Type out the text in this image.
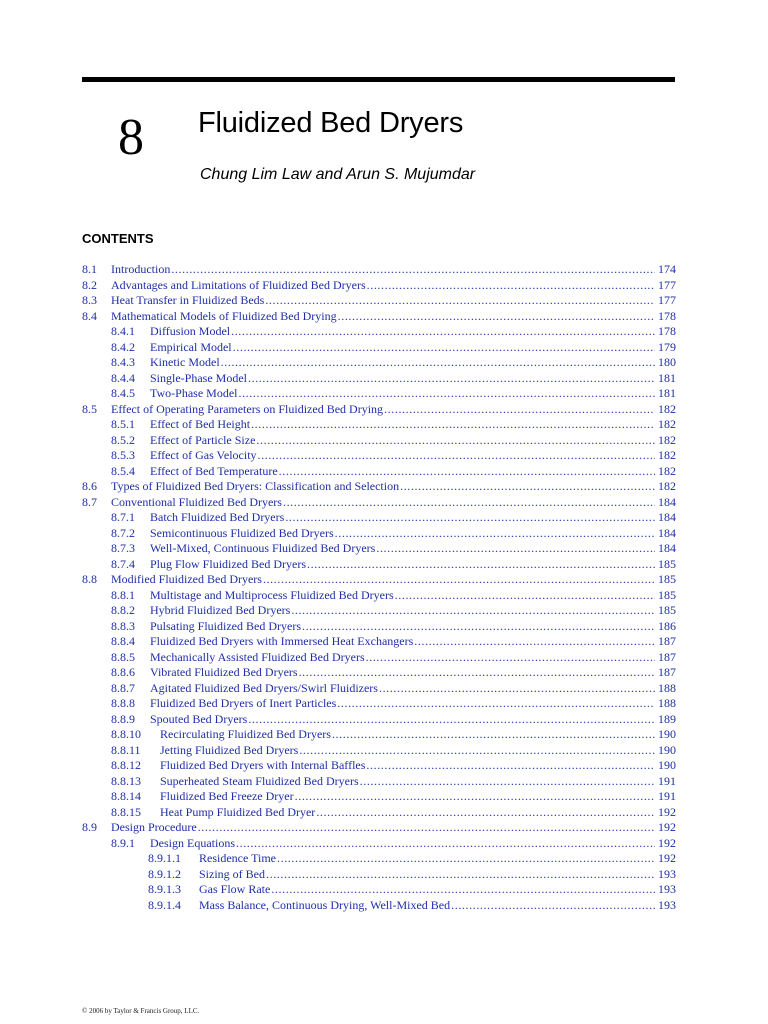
8 Fluidized Bed Dryers
Chung Lim Law and Arun S. Mujumdar
CONTENTS
8.1	Introduction .....	174
8.2	Advantages and Limitations of Fluidized Bed Dryers .....	177
8.3	Heat Transfer in Fluidized Beds .....	177
8.4	Mathematical Models of Fluidized Bed Drying .....	178
8.4.1	Diffusion Model .....	178
8.4.2	Empirical Model .....	179
8.4.3	Kinetic Model .....	180
8.4.4	Single-Phase Model .....	181
8.4.5	Two-Phase Model .....	181
8.5	Effect of Operating Parameters on Fluidized Bed Drying .....	182
8.5.1	Effect of Bed Height .....	182
8.5.2	Effect of Particle Size .....	182
8.5.3	Effect of Gas Velocity .....	182
8.5.4	Effect of Bed Temperature .....	182
8.6	Types of Fluidized Bed Dryers: Classification and Selection .....	182
8.7	Conventional Fluidized Bed Dryers .....	184
8.7.1	Batch Fluidized Bed Dryers .....	184
8.7.2	Semicontinuous Fluidized Bed Dryers .....	184
8.7.3	Well-Mixed, Continuous Fluidized Bed Dryers .....	184
8.7.4	Plug Flow Fluidized Bed Dryers .....	185
8.8	Modified Fluidized Bed Dryers .....	185
8.8.1	Multistage and Multiprocess Fluidized Bed Dryers .....	185
8.8.2	Hybrid Fluidized Bed Dryers .....	185
8.8.3	Pulsating Fluidized Bed Dryers .....	186
8.8.4	Fluidized Bed Dryers with Immersed Heat Exchangers .....	187
8.8.5	Mechanically Assisted Fluidized Bed Dryers .....	187
8.8.6	Vibrated Fluidized Bed Dryers .....	187
8.8.7	Agitated Fluidized Bed Dryers/Swirl Fluidizers .....	188
8.8.8	Fluidized Bed Dryers of Inert Particles .....	188
8.8.9	Spouted Bed Dryers .....	189
8.8.10	Recirculating Fluidized Bed Dryers .....	190
8.8.11	Jetting Fluidized Bed Dryers .....	190
8.8.12	Fluidized Bed Dryers with Internal Baffles .....	190
8.8.13	Superheated Steam Fluidized Bed Dryers .....	191
8.8.14	Fluidized Bed Freeze Dryer .....	191
8.8.15	Heat Pump Fluidized Bed Dryer .....	192
8.9	Design Procedure .....	192
8.9.1	Design Equations .....	192
8.9.1.1	Residence Time .....	192
8.9.1.2	Sizing of Bed .....	193
8.9.1.3	Gas Flow Rate .....	193
8.9.1.4	Mass Balance, Continuous Drying, Well-Mixed Bed .....	193
© 2006 by Taylor & Francis Group, LLC.
